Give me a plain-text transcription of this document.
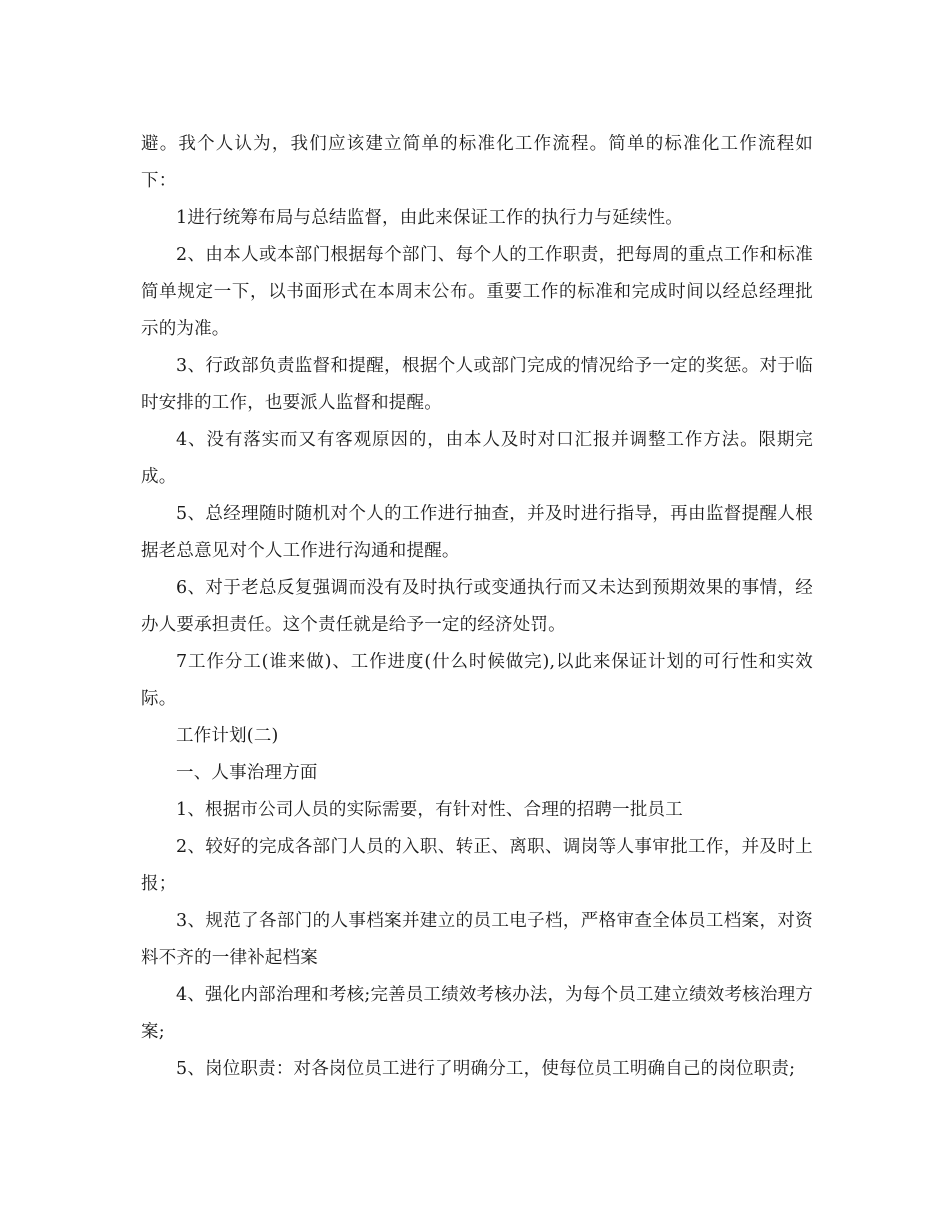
避。我个人认为，我们应该建立简单的标准化工作流程。简单的标准化工作流程如下：

1进行统筹布局与总结监督，由此来保证工作的执行力与延续性。

2、由本人或本部门根据每个部门、每个人的工作职责，把每周的重点工作和标准简单规定一下，以书面形式在本周末公布。重要工作的标准和完成时间以经总经理批示的为准。

3、行政部负责监督和提醒，根据个人或部门完成的情况给予一定的奖惩。对于临时安排的工作，也要派人监督和提醒。

4、没有落实而又有客观原因的，由本人及时对口汇报并调整工作方法。限期完成。

5、总经理随时随机对个人的工作进行抽查，并及时进行指导，再由监督提醒人根据老总意见对个人工作进行沟通和提醒。

6、对于老总反复强调而没有及时执行或变通执行而又未达到预期效果的事情，经办人要承担责任。这个责任就是给予一定的经济处罚。

7工作分工(谁来做)、工作进度(什么时候做完),以此来保证计划的可行性和实效际。

工作计划(二)

一、人事治理方面

1、根据市公司人员的实际需要，有针对性、合理的招聘一批员工

2、较好的完成各部门人员的入职、转正、离职、调岗等人事审批工作，并及时上报；

3、规范了各部门的人事档案并建立的员工电子档，严格审查全体员工档案，对资料不齐的一律补起档案

4、强化内部治理和考核;完善员工绩效考核办法，为每个员工建立绩效考核治理方案;

5、岗位职责：对各岗位员工进行了明确分工，使每位员工明确自己的岗位职责;
